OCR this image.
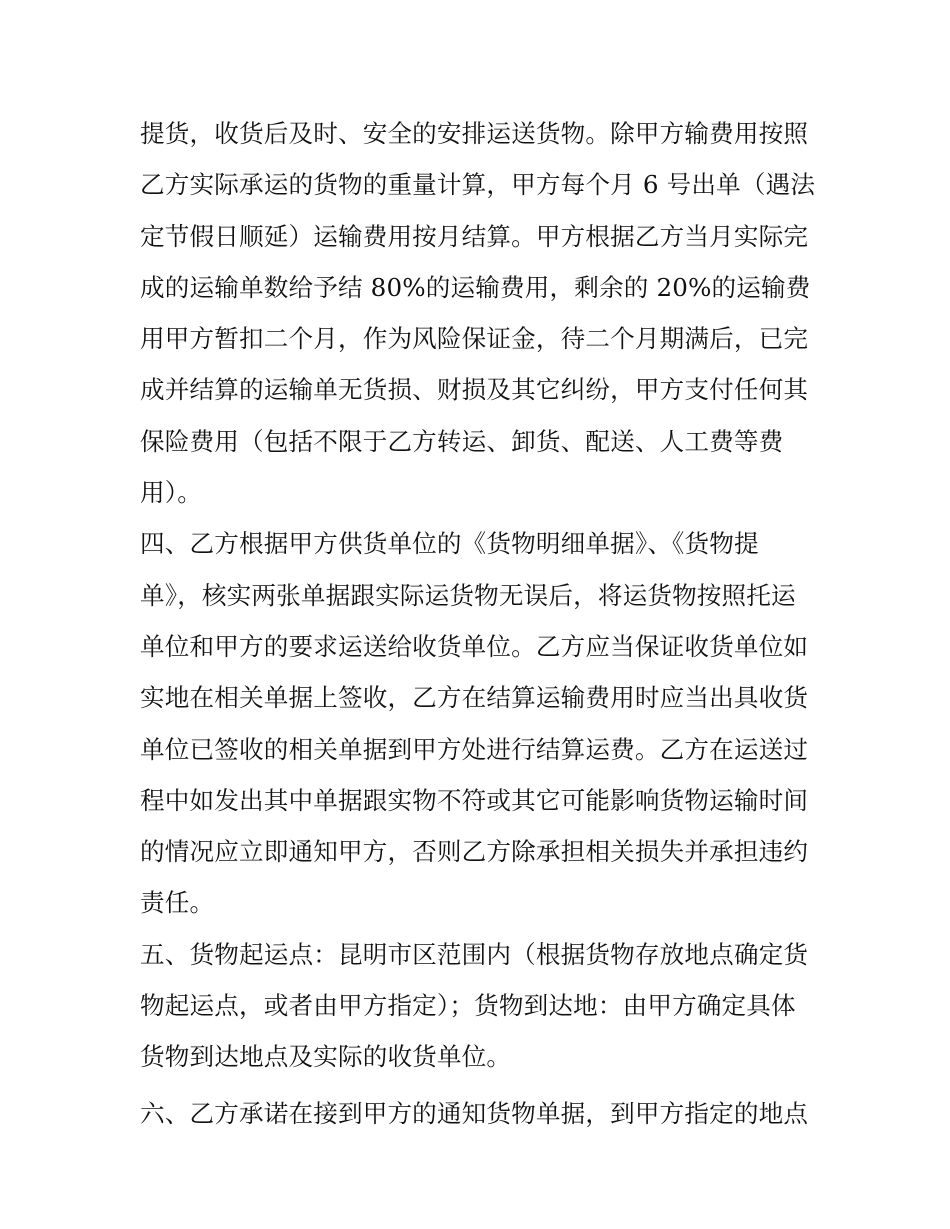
提货，收货后及时、安全的安排运送货物。除甲方输费用按照
乙方实际承运的货物的重量计算，甲方每个月 6 号出单（遇法
定节假日顺延）运输费用按月结算。甲方根据乙方当月实际完
成的运输单数给予结 80%的运输费用，剩余的 20%的运输费
用甲方暂扣二个月，作为风险保证金，待二个月期满后，已完
成并结算的运输单无货损、财损及其它纠纷，甲方支付任何其
保险费用（包括不限于乙方转运、卸货、配送、人工费等费
用）。
四、乙方根据甲方供货单位的《货物明细单据》、《货物提
单》，核实两张单据跟实际运货物无误后，将运货物按照托运
单位和甲方的要求运送给收货单位。乙方应当保证收货单位如
实地在相关单据上签收，乙方在结算运输费用时应当出具收货
单位已签收的相关单据到甲方处进行结算运费。乙方在运送过
程中如发出其中单据跟实物不符或其它可能影响货物运输时间
的情况应立即通知甲方，否则乙方除承担相关损失并承担违约
责任。
五、货物起运点：昆明市区范围内（根据货物存放地点确定货
物起运点，或者由甲方指定）；货物到达地：由甲方确定具体
货物到达地点及实际的收货单位。
六、乙方承诺在接到甲方的通知货物单据，到甲方指定的地点
